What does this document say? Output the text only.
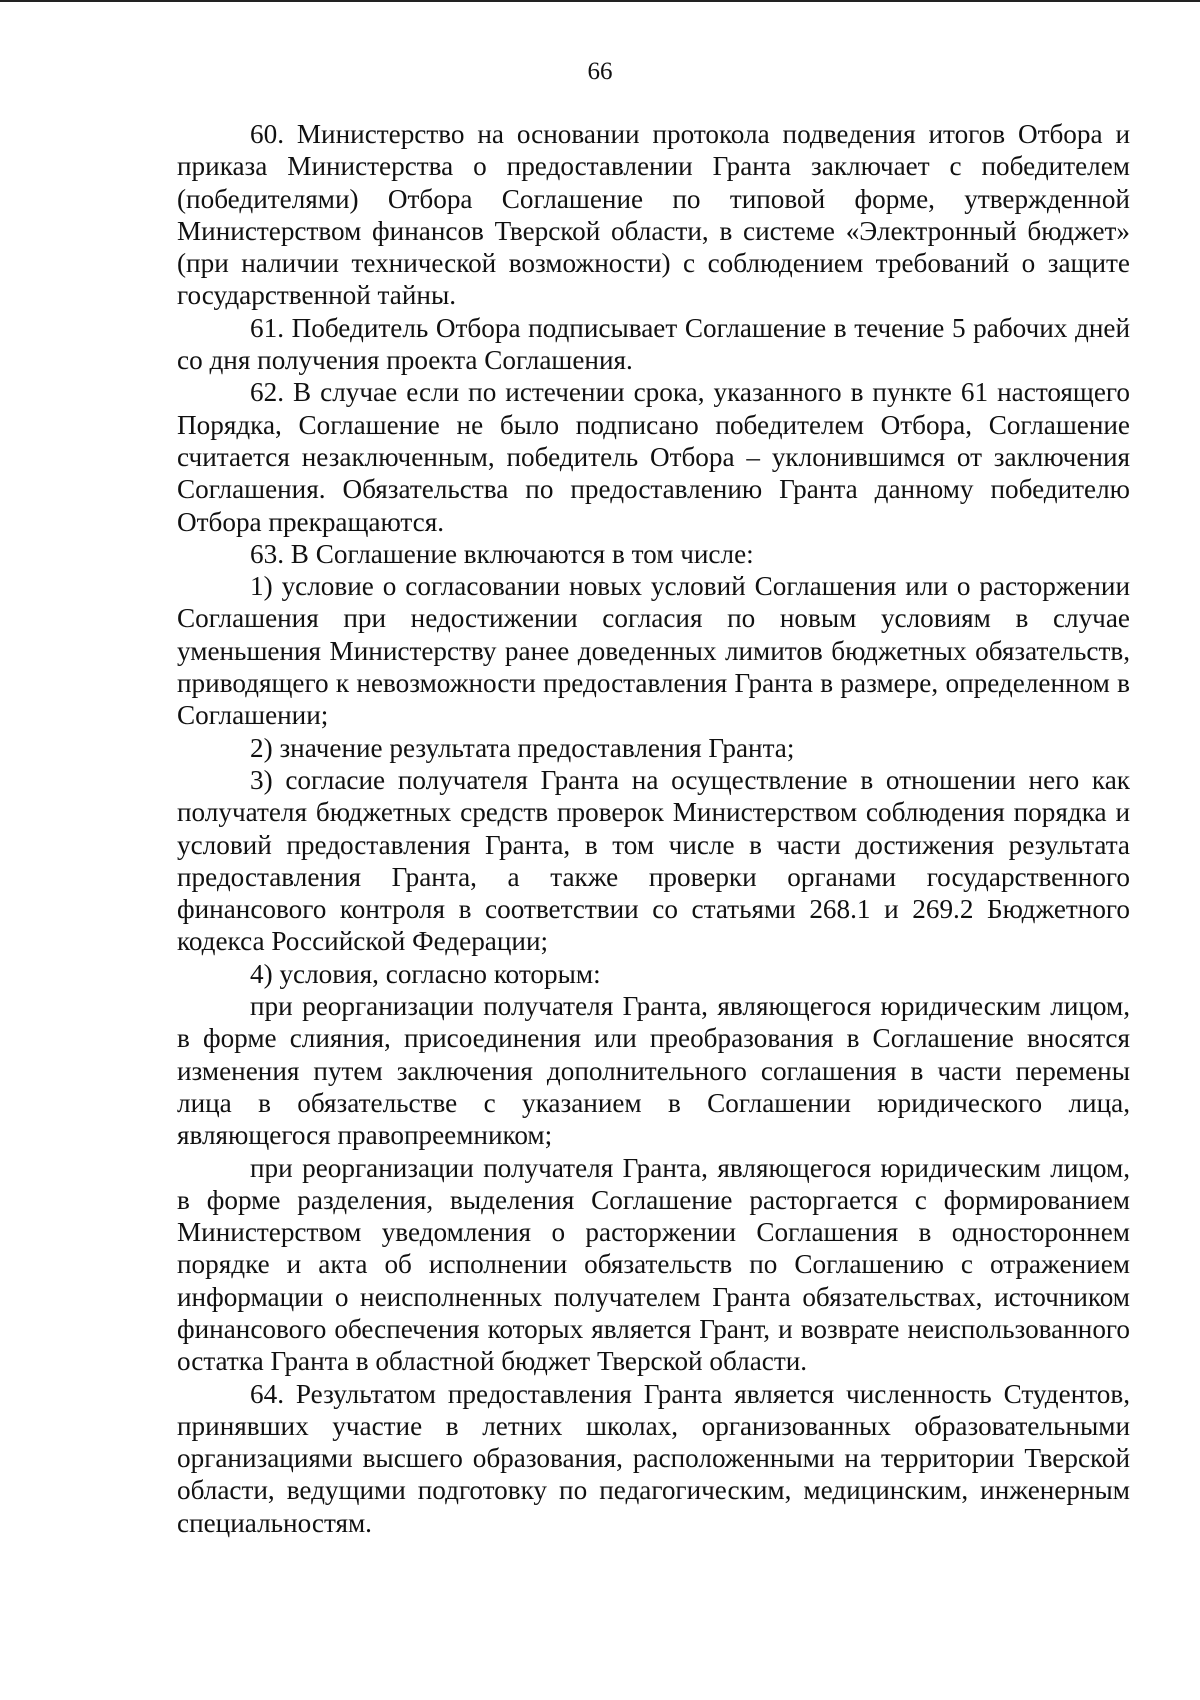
66

60. Министерство на основании протокола подведения итогов Отбора и приказа Министерства о предоставлении Гранта заключает с победителем (победителями) Отбора Соглашение по типовой форме, утвержденной Министерством финансов Тверской области, в системе «Электронный бюджет» (при наличии технической возможности) с соблюдением требований о защите государственной тайны.

61. Победитель Отбора подписывает Соглашение в течение 5 рабочих дней со дня получения проекта Соглашения.

62. В случае если по истечении срока, указанного в пункте 61 настоящего Порядка, Соглашение не было подписано победителем Отбора, Соглашение считается незаключенным, победитель Отбора – уклонившимся от заключения Соглашения. Обязательства по предоставлению Гранта данному победителю Отбора прекращаются.

63. В Соглашение включаются в том числе:

1) условие о согласовании новых условий Соглашения или о расторжении Соглашения при недостижении согласия по новым условиям в случае уменьшения Министерству ранее доведенных лимитов бюджетных обязательств, приводящего к невозможности предоставления Гранта в размере, определенном в Соглашении;

2) значение результата предоставления Гранта;

3) согласие получателя Гранта на осуществление в отношении него как получателя бюджетных средств проверок Министерством соблюдения порядка и условий предоставления Гранта, в том числе в части достижения результата предоставления Гранта, а также проверки органами государственного финансового контроля в соответствии со статьями 268.1 и 269.2 Бюджетного кодекса Российской Федерации;

4) условия, согласно которым:

при реорганизации получателя Гранта, являющегося юридическим лицом, в форме слияния, присоединения или преобразования в Соглашение вносятся изменения путем заключения дополнительного соглашения в части перемены лица в обязательстве с указанием в Соглашении юридического лица, являющегося правопреемником;

при реорганизации получателя Гранта, являющегося юридическим лицом, в форме разделения, выделения Соглашение расторгается с формированием Министерством уведомления о расторжении Соглашения в одностороннем порядке и акта об исполнении обязательств по Соглашению с отражением информации о неисполненных получателем Гранта обязательствах, источником финансового обеспечения которых является Грант, и возврате неиспользованного остатка Гранта в областной бюджет Тверской области.

64. Результатом предоставления Гранта является численность Студентов, принявших участие в летних школах, организованных образовательными организациями высшего образования, расположенными на территории Тверской области, ведущими подготовку по педагогическим, медицинским, инженерным специальностям.
